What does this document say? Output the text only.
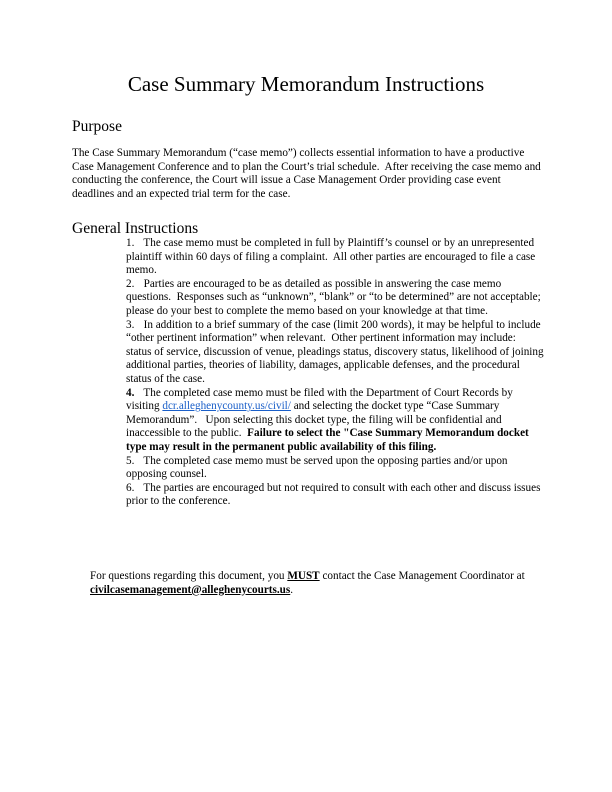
Case Summary Memorandum Instructions
Purpose
The Case Summary Memorandum (“case memo”) collects essential information to have a productive Case Management Conference and to plan the Court’s trial schedule.  After receiving the case memo and conducting the conference, the Court will issue a Case Management Order providing case event deadlines and an expected trial term for the case.
General Instructions

1. The case memo must be completed in full by Plaintiff’s counsel or by an unrepresented plaintiff within 60 days of filing a complaint.  All other parties are encouraged to file a case memo.

2. Parties are encouraged to be as detailed as possible in answering the case memo questions.  Responses such as “unknown”, “blank” or “to be determined” are not acceptable; please do your best to complete the memo based on your knowledge at that time.

3. In addition to a brief summary of the case (limit 200 words), it may be helpful to include “other pertinent information” when relevant.  Other pertinent information may include: status of service, discussion of venue, pleadings status, discovery status, likelihood of joining additional parties, theories of liability, damages, applicable defenses, and the procedural status of the case.

4. The completed case memo must be filed with the Department of Court Records by visiting dcr.alleghenycounty.us/civil/ and selecting the docket type “Case Summary Memorandum”.   Upon selecting this docket type, the filing will be confidential and inaccessible to the public.  Failure to select the "Case Summary Memorandum docket type may result in the permanent public availability of this filing.

5. The completed case memo must be served upon the opposing parties and/or upon opposing counsel.

6. The parties are encouraged but not required to consult with each other and discuss issues prior to the conference.

For questions regarding this document, you MUST contact the Case Management Coordinator at civilcasemanagement@alleghenycourts.us.
